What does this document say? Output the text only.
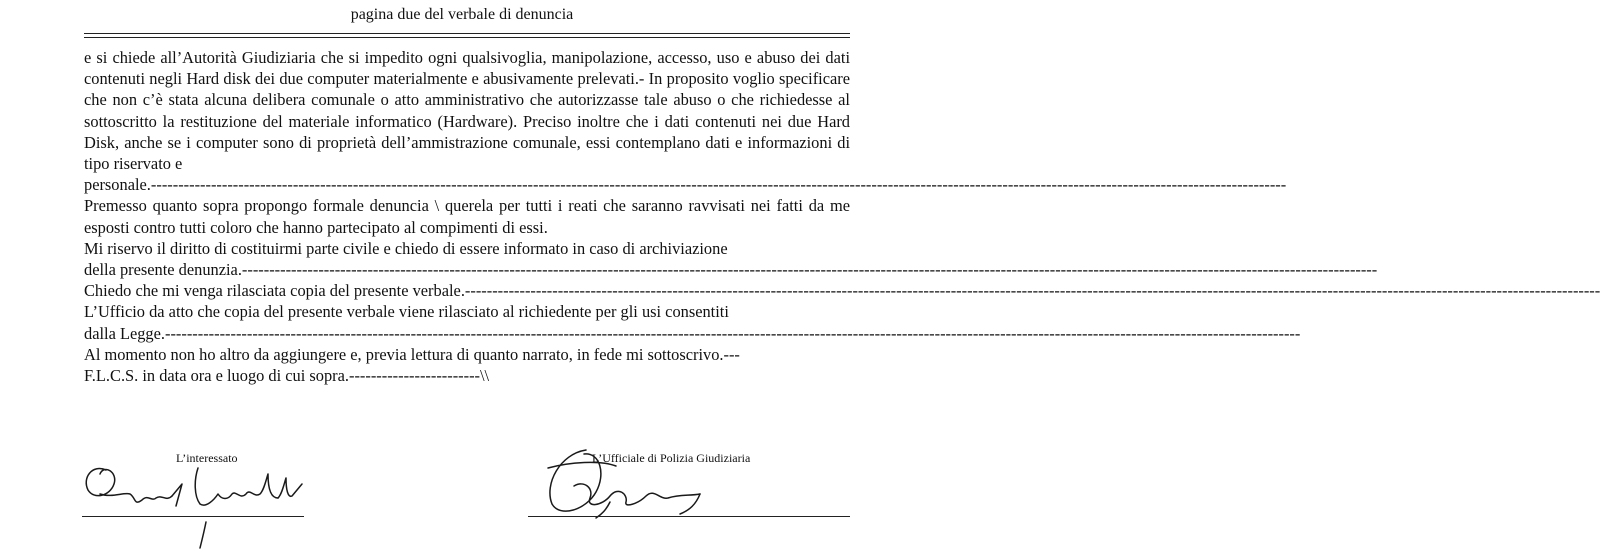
pagina due del verbale di denuncia

e si chiede all’Autorità Giudiziaria che si impedito ogni qualsivoglia, manipolazione, accesso, uso e abuso dei dati contenuti negli Hard disk dei due computer materialmente e abusivamente prelevati.- In proposito voglio specificare che non c’è stata alcuna delibera comunale o atto amministrativo che autorizzasse tale abuso o che richiedesse al sottoscritto la restituzione del materiale informatico (Hardware). Preciso inoltre che i dati contenuti nei due Hard Disk, anche se i computer sono di proprietà dell’ammistrazione comunale, essi contemplano dati e informazioni di tipo riservato e

personale. ----------------------------------------------------------------------------------------------------------------------------------------------------------------------------------------------------------------
Premesso quanto sopra propongo formale denuncia \ querela per tutti i reati che saranno ravvisati nei fatti da me esposti contro tutti coloro che hanno partecipato al compimenti di essi.

Mi riservo il diritto di costituirmi parte civile e chiedo di essere informato in caso di archiviazione

della presente denunzia. ----------------------------------------------------------------------------------------------------------------------------------------------------------------------------------------------------------------
Chiedo che mi venga rilasciata copia del presente verbale. ----------------------------------------------------------------------------------------------------------------------------------------------------------------------------------------------------------------

L’Ufficio da atto che copia del presente verbale viene rilasciato al richiedente per gli usi consentiti

dalla Legge. ----------------------------------------------------------------------------------------------------------------------------------------------------------------------------------------------------------------

Al momento non ho altro da aggiungere e, previa lettura di quanto narrato, in fede mi sottoscrivo.---

F.L.C.S. in data ora e luogo di cui sopra.------------------------\\

L’interessato	L’Ufficiale di Polizia Giudiziaria
